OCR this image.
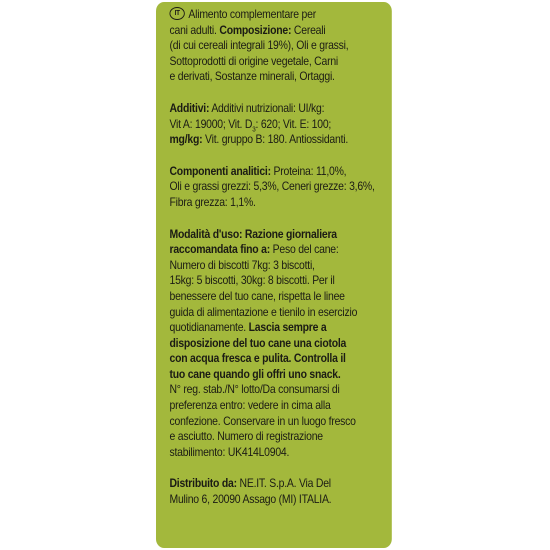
IT Alimento complementare per
cani adulti. Composizione: Cereali
(di cui cereali integrali 19%), Oli e grassi,
Sottoprodotti di origine vegetale, Carni
e derivati, Sostanze minerali, Ortaggi.
Additivi: Additivi nutrizionali: UI/kg:
Vit A: 19000; Vit. $D_3$: 620; Vit. E: 100;
mg/kg: Vit. gruppo B: 180. Antiossidanti.
Componenti analitici: Proteina: 11,0%,
Oli e grassi grezzi: 5,3%, Ceneri grezze: 3,6%,
Fibra grezza: 1,1%.
Modalità d'uso: Razione giornaliera
raccomandata fino a: Peso del cane:
Numero di biscotti 7kg: 3 biscotti,
15kg: 5 biscotti, 30kg: 8 biscotti. Per il
benessere del tuo cane, rispetta le linee
guida di alimentazione e tienilo in esercizio
quotidianamente. Lascia sempre a
disposizione del tuo cane una ciotola
con acqua fresca e pulita. Controlla il
tuo cane quando gli offri uno snack.
N° reg. stab./N° lotto/Da consumarsi di
preferenza entro: vedere in cima alla
confezione. Conservare in un luogo fresco
e asciutto. Numero di registrazione
stabilimento: UK414L0904.
Distribuito da: NE.IT. S.p.A. Via Del
Mulino 6, 20090 Assago (MI) ITALIA.
